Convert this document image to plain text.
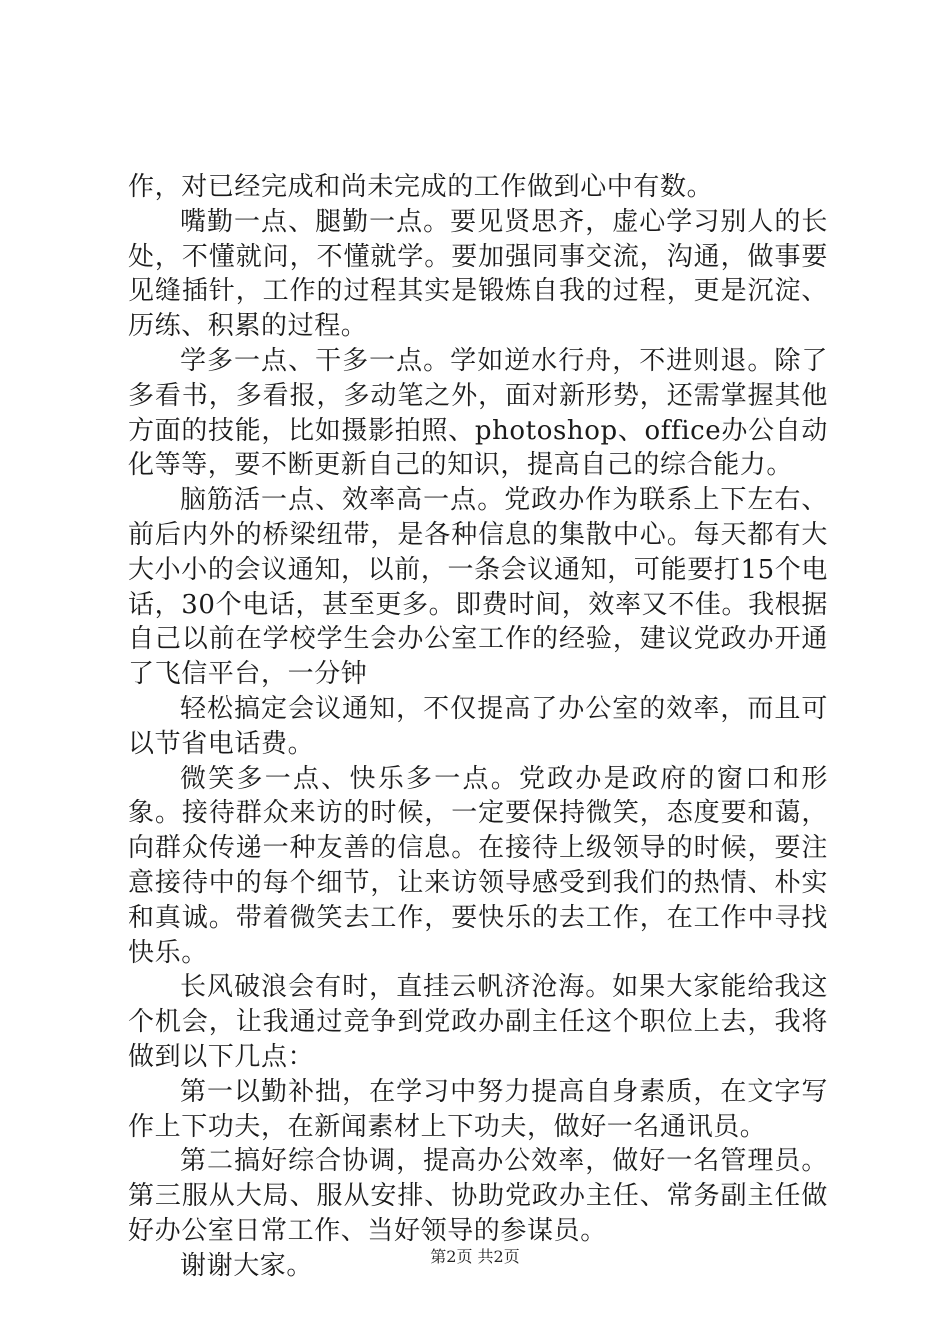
作，对已经完成和尚未完成的工作做到心中有数。

嘴勤一点、腿勤一点。要见贤思齐，虚心学习别人的长处，不懂就问，不懂就学。要加强同事交流，沟通，做事要见缝插针，工作的过程其实是锻炼自我的过程，更是沉淀、历练、积累的过程。

学多一点、干多一点。学如逆水行舟，不进则退。除了多看书，多看报，多动笔之外，面对新形势，还需掌握其他方面的技能，比如摄影拍照、photoshop、office办公自动化等等，要不断更新自己的知识，提高自己的综合能力。

脑筋活一点、效率高一点。党政办作为联系上下左右、前后内外的桥梁纽带，是各种信息的集散中心。每天都有大大小小的会议通知，以前，一条会议通知，可能要打15个电话，30个电话，甚至更多。即费时间，效率又不佳。我根据自己以前在学校学生会办公室工作的经验，建议党政办开通了飞信平台，一分钟

轻松搞定会议通知，不仅提高了办公室的效率，而且可以节省电话费。

微笑多一点、快乐多一点。党政办是政府的窗口和形象。接待群众来访的时候，一定要保持微笑，态度要和蔼，向群众传递一种友善的信息。在接待上级领导的时候，要注意接待中的每个细节，让来访领导感受到我们的热情、朴实和真诚。带着微笑去工作，要快乐的去工作，在工作中寻找快乐。

长风破浪会有时，直挂云帆济沧海。如果大家能给我这个机会，让我通过竞争到党政办副主任这个职位上去，我将做到以下几点：

第一以勤补拙，在学习中努力提高自身素质，在文字写作上下功夫，在新闻素材上下功夫，做好一名通讯员。

第二搞好综合协调，提高办公效率，做好一名管理员。第三服从大局、服从安排、协助党政办主任、常务副主任做好办公室日常工作、当好领导的参谋员。

谢谢大家。	第2页 共2页
